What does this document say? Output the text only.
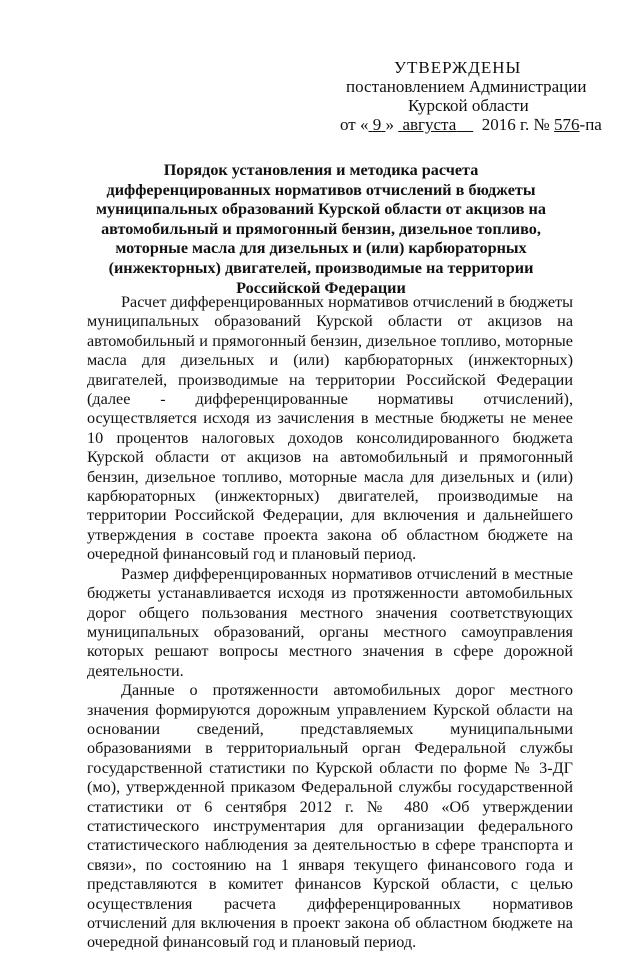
УТВЕРЖДЕНЫ
постановлением Администрации
Курской области
от « 9 » августа 2016 г. № 576-па
Порядок установления и методика расчета дифференцированных нормативов отчислений в бюджеты муниципальных образований Курской области от акцизов на автомобильный и прямогонный бензин, дизельное топливо, моторные масла для дизельных и (или) карбюраторных (инжекторных) двигателей, производимые на территории Российской Федерации

Расчет дифференцированных нормативов отчислений в бюджеты муниципальных образований Курской области от акцизов на автомобильный и прямогонный бензин, дизельное топливо, моторные масла для дизельных и (или) карбюраторных (инжекторных) двигателей, производимые на территории Российской Федерации (далее - дифференцированные нормативы отчислений), осуществляется исходя из зачисления в местные бюджеты не менее 10 процентов налоговых доходов консолидированного бюджета Курской области от акцизов на автомобильный и прямогонный бензин, дизельное топливо, моторные масла для дизельных и (или) карбюраторных (инжекторных) двигателей, производимые на территории Российской Федерации, для включения и дальнейшего утверждения в составе проекта закона об областном бюджете на очередной финансовый год и плановый период.

Размер дифференцированных нормативов отчислений в местные бюджеты устанавливается исходя из протяженности автомобильных дорог общего пользования местного значения соответствующих муниципальных образований, органы местного самоуправления которых решают вопросы местного значения в сфере дорожной деятельности.

Данные о протяженности автомобильных дорог местного значения формируются дорожным управлением Курской области на основании сведений, представляемых муниципальными образованиями в территориальный орган Федеральной службы государственной статистики по Курской области по форме № 3-ДГ (мо), утвержденной приказом Федеральной службы государственной статистики от 6 сентября 2012 г. № 480 «Об утверждении статистического инструментария для организации федерального статистического наблюдения за деятельностью в сфере транспорта и связи», по состоянию на 1 января текущего финансового года и представляются в комитет финансов Курской области, с целью осуществления расчета дифференцированных нормативов отчислений для включения в проект закона об областном бюджете на очередной финансовый год и плановый период.
